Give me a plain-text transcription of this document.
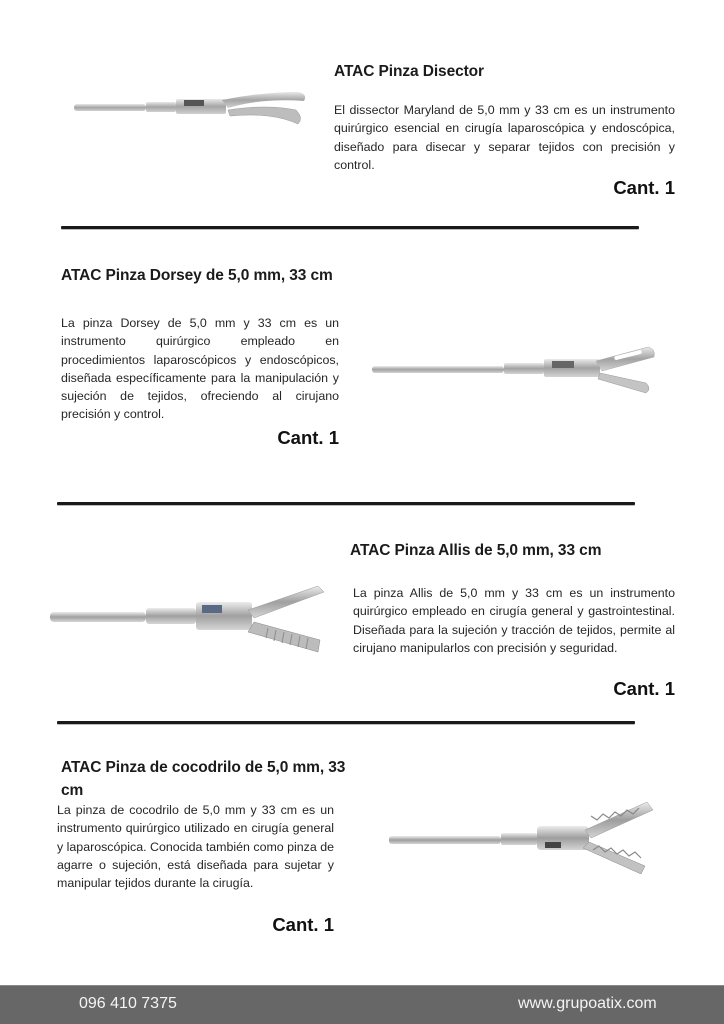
ATAC Pinza Disector
El dissector Maryland de 5,0 mm y 33 cm es un instrumento quirúrgico esencial en cirugía laparoscópica y endoscópica, diseñado para disecar y separar tejidos con precisión y control.
Cant. 1
ATAC Pinza Dorsey de 5,0 mm, 33 cm
La pinza Dorsey de 5,0 mm y 33 cm es un instrumento quirúrgico empleado en procedimientos laparoscópicos y endoscópicos, diseñada específicamente para la manipulación y sujeción de tejidos, ofreciendo al cirujano precisión y control.
Cant. 1
ATAC Pinza Allis de 5,0 mm, 33 cm
La pinza Allis de 5,0 mm y 33 cm es un instrumento quirúrgico empleado en cirugía general y gastrointestinal. Diseñada para la sujeción y tracción de tejidos, permite al cirujano manipularlos con precisión y seguridad.
Cant. 1
ATAC Pinza de cocodrilo de 5,0 mm, 33 cm
La pinza de cocodrilo de 5,0 mm y 33 cm es un instrumento quirúrgico utilizado en cirugía general y laparoscópica. Conocida también como pinza de agarre o sujeción, está diseñada para sujetar y manipular tejidos durante la cirugía.
Cant. 1
096 410 7375	www.grupoatix.com
